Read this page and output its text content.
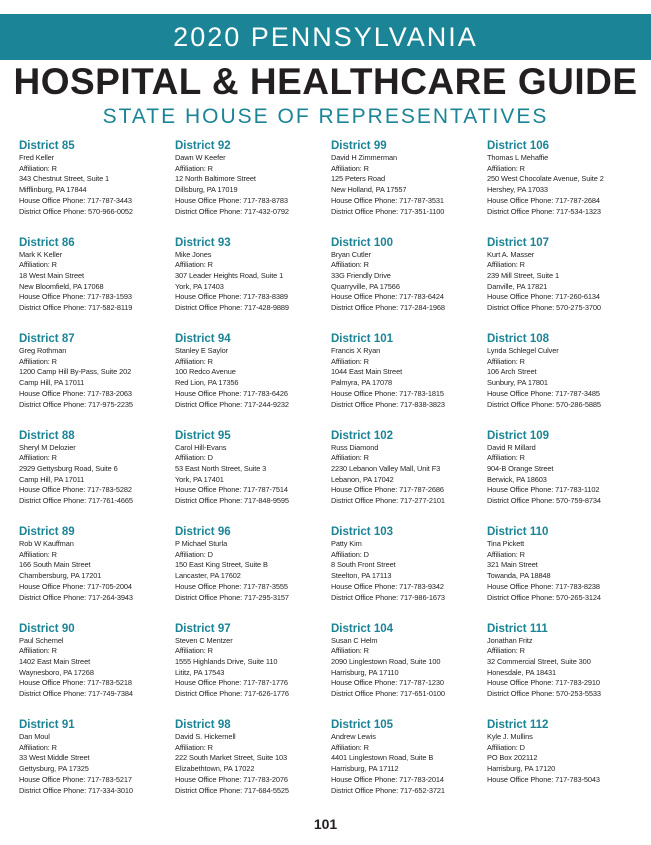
2020 PENNSYLVANIA
HOSPITAL & HEALTHCARE GUIDE
STATE HOUSE OF REPRESENTATIVES
District 85
Fred Keller
Affiliation: R
343 Chestnut Street, Suite 1
Mifflinburg, PA 17844
House Office Phone: 717-787-3443
District Office Phone: 570-966-0052
District 92
Dawn W Keefer
Affiliation: R
12 North Baltimore Street
Dillsburg, PA 17019
House Office Phone: 717-783-8783
District Office Phone: 717-432-0792
District 99
David H Zimmerman
Affiliation: R
125 Peters Road
New Holland, PA 17557
House Office Phone: 717-787-3531
District Office Phone: 717-351-1100
District 106
Thomas L Mehaffie
Affiliation: R
250 West Chocolate Avenue, Suite 2
Hershey, PA 17033
House Office Phone: 717-787-2684
District Office Phone: 717-534-1323
District 86
Mark K Keller
Affiliation: R
18 West Main Street
New Bloomfield, PA 17068
House Office Phone: 717-783-1593
District Office Phone: 717-582-8119
District 93
Mike Jones
Affiliation: R
307 Leader Heights Road, Suite 1
York, PA 17403
House Office Phone: 717-783-8389
District Office Phone: 717-428-9889
District 100
Bryan Cutler
Affiliation: R
33G Friendly Drive
Quarryville, PA 17566
House Office Phone: 717-783-6424
District Office Phone: 717-284-1968
District 107
Kurt A. Masser
Affiliation: R
239 Mill Street, Suite 1
Danville, PA 17821
House Office Phone: 717-260-6134
District Office Phone: 570-275-3700
District 87
Greg Rothman
Affiliation: R
1200 Camp Hill By-Pass, Suite 202
Camp Hill, PA 17011
House Office Phone: 717-783-2063
District Office Phone: 717-975-2235
District 94
Stanley E Saylor
Affiliation: R
100 Redco Avenue
Red Lion, PA 17356
House Office Phone: 717-783-6426
District Office Phone: 717-244-9232
District 101
Francis X Ryan
Affiliation: R
1044 East Main Street
Palmyra, PA 17078
House Office Phone: 717-783-1815
District Office Phone: 717-838-3823
District 108
Lynda Schlegel Culver
Affiliation: R
106 Arch Street
Sunbury, PA 17801
House Office Phone: 717-787-3485
District Office Phone: 570-286-5885
District 88
Sheryl M Delozier
Affiliation: R
2929 Gettysburg Road, Suite 6
Camp Hill, PA 17011
House Office Phone: 717-783-5282
District Office Phone: 717-761-4665
District 95
Carol Hill-Evans
Affiliation: D
53 East North Street, Suite 3
York, PA 17401
House Office Phone: 717-787-7514
District Office Phone: 717-848-9595
District 102
Russ Diamond
Affiliation: R
2230 Lebanon Valley Mall, Unit F3
Lebanon, PA 17042
House Office Phone: 717-787-2686
District Office Phone: 717-277-2101
District 109
David R Millard
Affiliation: R
904-B Orange Street
Berwick, PA 18603
House Office Phone: 717-783-1102
District Office Phone: 570-759-8734
District 89
Rob W Kauffman
Affiliation: R
166 South Main Street
Chambersburg, PA 17201
House Office Phone: 717-705-2004
District Office Phone: 717-264-3943
District 96
P Michael Sturla
Affiliation: D
150 East King Street, Suite B
Lancaster, PA 17602
House Office Phone: 717-787-3555
District Office Phone: 717-295-3157
District 103
Patty Kim
Affiliation: D
8 South Front Street
Steelton, PA 17113
House Office Phone: 717-783-9342
District Office Phone: 717-986-1673
District 110
Tina Pickett
Affiliation: R
321 Main Street
Towanda, PA 18848
House Office Phone: 717-783-8238
District Office Phone: 570-265-3124
District 90
Paul Schemel
Affiliation: R
1402 East Main Street
Waynesboro, PA 17268
House Office Phone: 717-783-5218
District Office Phone: 717-749-7384
District 97
Steven C Mentzer
Affiliation: R
1555 Highlands Drive, Suite 110
Lititz, PA 17543
House Office Phone: 717-787-1776
District Office Phone: 717-626-1776
District 104
Susan C Helm
Affiliation: R
2090 Linglestown Road, Suite 100
Harrisburg, PA 17110
House Office Phone: 717-787-1230
District Office Phone: 717-651-0100
District 111
Jonathan Fritz
Affiliation: R
32 Commercial Street, Suite 300
Honesdale, PA 18431
House Office Phone: 717-783-2910
District Office Phone: 570-253-5533
District 91
Dan Moul
Affiliation: R
33 West Middle Street
Gettysburg, PA 17325
House Office Phone: 717-783-5217
District Office Phone: 717-334-3010
District 98
David S. Hickernell
Affiliation: R
222 South Market Street, Suite 103
Elizabethtown, PA 17022
House Office Phone: 717-783-2076
District Office Phone: 717-684-5525
District 105
Andrew Lewis
Affiliation: R
4401 Linglestown Road, Suite B
Harrisburg, PA 17112
House Office Phone: 717-783-2014
District Office Phone: 717-652-3721
District 112
Kyle J. Mullins
Affiliation: D
PO Box 202112
Harrisburg, PA 17120
House Office Phone: 717-783-5043
101
